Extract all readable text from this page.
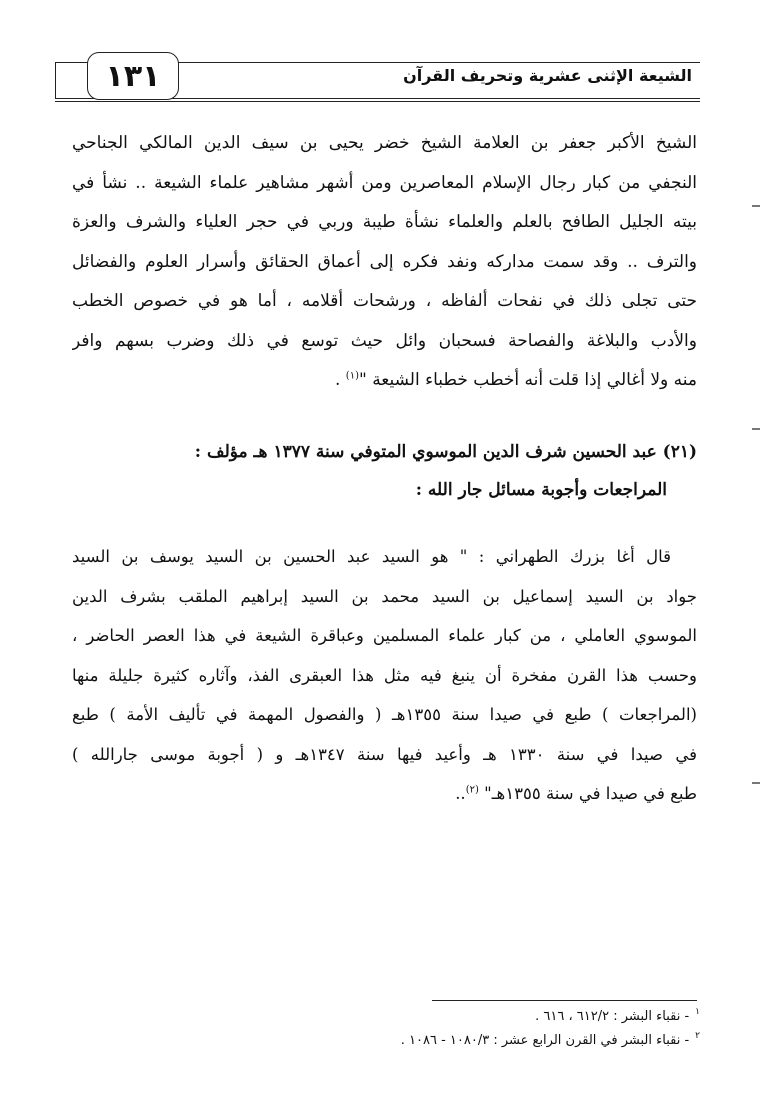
١٣١	الشيعة الإثنى عشرية وتحريف القرآن
الشيخ الأكبر جعفر بن العلامة الشيخ خضر يحيى بن سيف الدين المالكي الجناحي
النجفي من كبار رجال الإسلام المعاصرين ومن أشهر مشاهير علماء الشيعة .. نشأ في
بيته الجليل الطافح بالعلم والعلماء نشأة طيبة وربي في حجر العلياء والشرف والعزة
والترف .. وقد سمت مداركه ونفد فكره إلى أعماق الحقائق وأسرار العلوم والفضائل
حتى تجلى ذلك في نفحات ألفاظه ، ورشحات أقلامه ، أما هو في خصوص الخطب
والأدب والبلاغة والفصاحة فسحبان وائل حيث توسع في ذلك وضرب بسهم وافر
منه ولا أغالي إذا قلت أنه أخطب خطباء الشيعة "$^{(١)}$ .
(٢١) عبد الحسين شرف الدين الموسوي المتوفي سنة ١٣٧٧ هـ مؤلف :
المراجعات وأجوبة مسائل جار الله :
قال أغا بزرك الطهراني : " هو السيد عبد الحسين بن السيد يوسف بن السيد
جواد بن السيد إسماعيل بن السيد محمد بن السيد إبراهيم الملقب بشرف الدين
الموسوي العاملي ، من كبار علماء المسلمين وعباقرة الشيعة في هذا العصر الحاضر ،
وحسب هذا القرن مفخرة أن ينبغ فيه مثل هذا العبقرى الفذ، وآثاره كثيرة جليلة منها
(المراجعات ) طبع في صيدا سنة ١٣٥٥هـ ( والفصول المهمة في تأليف الأمة ) طبع
في صيدا في سنة ١٣٣٠ هـ وأعيد فيها سنة ١٣٤٧هـ و ( أجوبة موسى جارالله )
طبع في صيدا في سنة ١٣٥٥هـ" $^{(٢)}$..
١- نقباء البشر : ٦١٢/٢ ، ٦١٦ .
٢- نقباء البشر في القرن الرابع عشر : ١٠٨٠/٣ - ١٠٨٦ .
